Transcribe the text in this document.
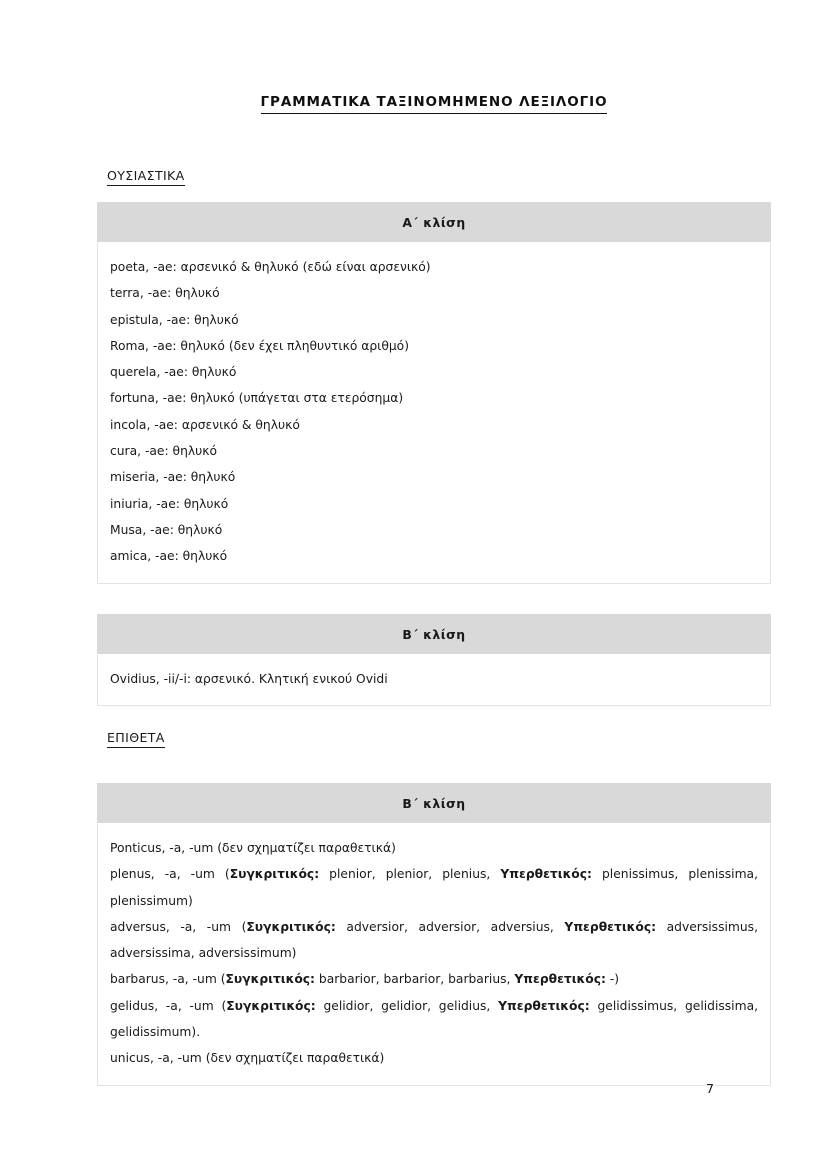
ΓΡΑΜΜΑΤΙΚΑ ΤΑΞΙΝΟΜΗΜΕΝΟ ΛΕΞΙΛΟΓΙΟ
ΟΥΣΙΑΣΤΙΚΑ
Α΄ κλίση

poeta, -ae: αρσενικό & θηλυκό (εδώ είναι αρσενικό)
terra, -ae: θηλυκό
epistula, -ae: θηλυκό
Roma, -ae: θηλυκό (δεν έχει πληθυντικό αριθμό)
querela, -ae: θηλυκό
fortuna, -ae: θηλυκό (υπάγεται στα ετερόσημα)
incola, -ae: αρσενικό & θηλυκό
cura, -ae: θηλυκό
miseria, -ae: θηλυκό
iniuria, -ae: θηλυκό
Musa, -ae: θηλυκό
amica, -ae: θηλυκό
Β΄ κλίση

Ovidius, -ii/-i: αρσενικό. Κλητική ενικού Ovidi
ΕΠΙΘΕΤΑ
Β΄ κλίση

Ponticus, -a, -um (δεν σχηματίζει παραθετικά)
plenus, -a, -um (Συγκριτικός: plenior, plenior, plenius, Υπερθετικός: plenissimus, plenissima, plenissimum)
adversus, -a, -um (Συγκριτικός: adversior, adversior, adversius, Υπερθετικός: adversissimus, adversissima, adversissimum)
barbarus, -a, -um (Συγκριτικός: barbarior, barbarior, barbarius, Υπερθετικός: -)
gelidus, -a, -um (Συγκριτικός: gelidior, gelidior, gelidius, Υπερθετικός: gelidissimus, gelidissima, gelidissimum).
unicus, -a, -um (δεν σχηματίζει παραθετικά)
7
